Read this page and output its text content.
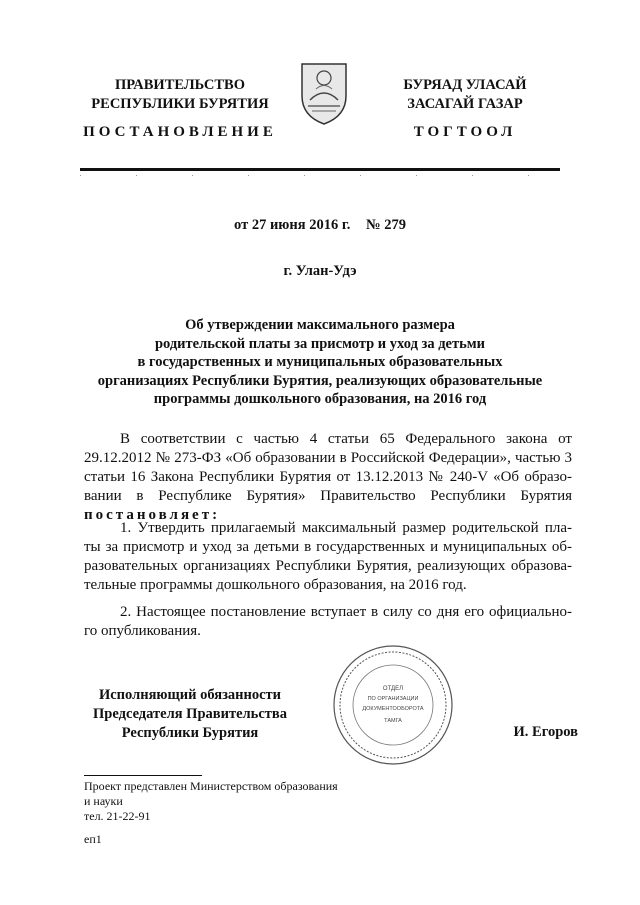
ПРАВИТЕЛЬСТВО
РЕСПУБЛИКИ БУРЯТИЯ
БУРЯАД УЛАСАЙ
ЗАСАГАЙ ГАЗАР
ПОСТАНОВЛЕНИЕ	ТОГТООЛ
от 27 июня 2016 г. № 279
г. Улан-Удэ
Об утверждении максимального размера
родительской платы за присмотр и уход за детьми
в государственных и муниципальных образовательных
организациях Республики Бурятия, реализующих образовательные
программы дошкольного образования, на 2016 год
В соответствии с частью 4 статьи 65 Федерального закона от
29.12.2012 № 273-ФЗ «Об образовании в Российской Федерации», частью 3
статьи 16 Закона Республики Бурятия от 13.12.2013 № 240-V «Об образо-
вании в Республике Бурятия» Правительство Республики Бурятия
постановляет:
1. Утвердить прилагаемый максимальный размер родительской пла-
ты за присмотр и уход за детьми в государственных и муниципальных об-
разовательных организациях Республики Бурятия, реализующих образова-
тельные программы дошкольного образования, на 2016 год.
2. Настоящее постановление вступает в силу со дня его официально-
го опубликования.
ОТДЕЛ
ПО ОРГАНИЗАЦИИ
ДОКУМЕНТООБОРОТА
ТАМГА
Исполняющий обязанности
Председателя Правительства
Республики Бурятия	И. Егоров
Проект представлен Министерством образования
и науки
тел. 21-22-91
еп1
